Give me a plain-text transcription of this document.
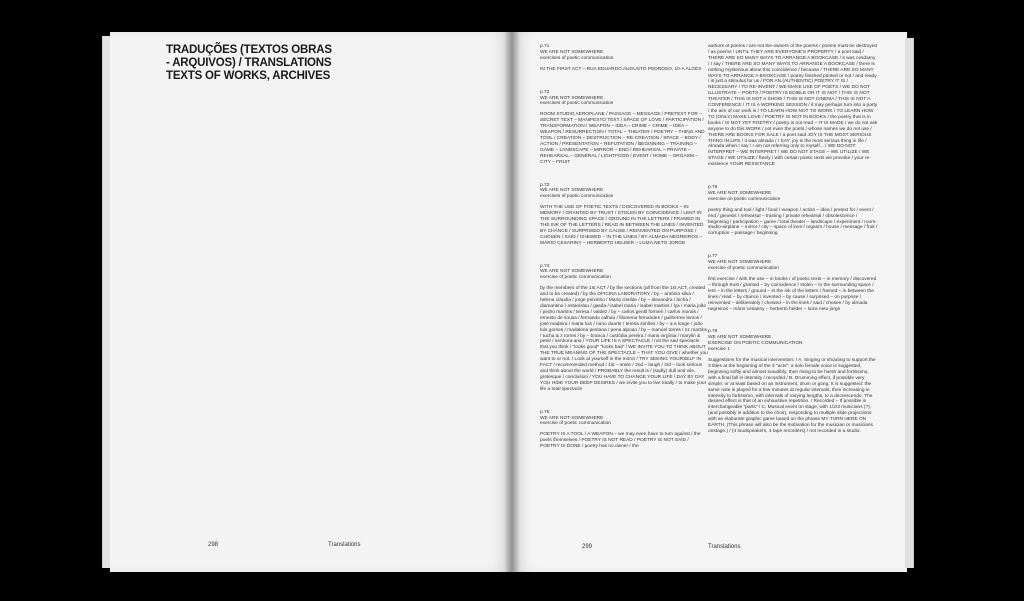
TRADUÇÕES (TEXTOS OBRAS
- ARQUIVOS) / TRANSLATIONS
TEXTS OF WORKS, ARCHIVES
298	Translations

p.71

WE ARE NOT SOMEWHERE

exercises of poetic communication

IN THE FIRST ACT – RUA EDUARDO AUGUSTO PEDROSO, 10-A ALGÉS

p.72

WE ARE NOT SOMEWHERE

exercises of poetic communication

ROOM STUDIO AEROPLANE / PASSAGE – MESSAGE / PRETEXT FOR – SECRET TEXT – MANIFESTO TEXT / SPACE OF LOVE / PARTICIPATION / TRANSFORMATION / WEAPON – IDEA – CRIME – CRIME – IDEA – WEAPON / RESURRECTION / TOTAL – THEATER / POETRY – THING AND TOOL / CREATION – DESTRUCTION – RE-CREATION / SPACE – BODY / ACTION / PRESENTATION – REFUTATION / BEGINNING – TRAINING – GAME – LANDSCAPE – MIRROR – END / REHEARSAL – PRIVATE – REHEARSAL – GENERAL / LIGHTFOOD / EVENT / HOME – ORGASM – CITY – FRUIT

p.73

WE ARE NOT SOMEWHERE

exercises of poetic communication

WITH THE USE OF POETIC TEXTS / DISCOVERED IN BOOKS – IN MEMORY / GRANTED BY TRUST / STOLEN BY COINCIDENCE / LENT IN THE SURROUNDING SPACE / GROUND IN THE LETTERS / FRAMED IN THE INK OF THE LETTERS / READ IN BETWEEN THE LINES / INVENTED BY CHANCE / SURPRISED BY CAUSE / REINVENTED ON PURPOSE / CHOSEN / SAID / CHEWED – IN THE LINES / BY ALMADA NEGREIROS – MÁRIO CESARINY – HERBERTO HELDER – LUIZA NETO JORGE

p.74

WE ARE NOT SOMEWHERE

exercise of poetic communication

by the members of the 1st ACT / by the sections (all from the 1st ACT, created and to be created) / by the OFICINA LABORATORY / by – antónio silva / helena cláudia / jorge peixinho / Maria clotilde / by – alexandra / bicha / diamantino / estanislau / gasda / isabel maria / isabel martins / lya / maria joão / pedro martins / teresa / valdez / by – carlos gentil formen / carlos morais / ernesto de sousa / fernando calhau / filomena fernandes / guilherme lemos / josé madeira / maria luis / nuno duarte / teresa simões / by – a a longe / joão luís gomes / madalena pestana / pena alpoao / by – manuel torres / nz martins / tucha & z torres / by – branca / custódia pereira / maria virgínia / marylin & peter / senhora ana / YOUR LIFE IS A SPECTACLE / not the sad spectacle that you think / "looks good" "looks bad" / WE INVITE YOU TO THINK ABOUT THE TRUE MEANING OF THE SPECTACLE – THAT YOU GIVE / whether you want to or not. / Look at yourself in the mirror / TRY SEEING YOURSELF IN FACT / recommended method / 1st – smile / 2nd – laugh / 3rd – look serious and think about the world / PROBABLY the result is / (sadly) dull and vile, grotesque / conclusion / YOU HAVE TO CHANGE YOUR LIFE / DAY BY DAY YOU HIDE YOUR DEEP DESIRES / we invite you to live totally / to make your life a total spectacle

p.75

WE ARE NOT SOMEWHERE

exercise of poetic communication

POETRY IS A TOOL / A WEAPON – we may even have to turn against / the poets themselves / POETRY IS NOT READ / POETRY IS NOT SAID / POETRY IS DONE / poetry has no owner / the

authors of poems / are not the owners of the poems / poems must be destroyed / as poems / UNTIL THEY ARE EVERYONE'S PROPERTY / a poet said / THERE ARE SO MANY WAYS TO ARRANGE A BOOKCASE / it was cesdarny / I say / THERE ARE SO MANY WAYS TO ARRANGE A BOOKCASE / there is nothing mysterious about this coincidence / because / THERE ARE SO MANY WAYS TO ARRANGE A BOOKCASE / poetry finished printed or not / and ready / is just a stimulus for us / FOR AN (AUTHENTIC) POETRY IT IS / NECESSARY / TO RE-INVENT / WE MAKE USE OF POETS / WE DO NOT ILLUSTRATE – POETS / POETRY IS EDIBLE OR IT IS NOT / THIS IS NOT THEATER / THIS IS NOT A SHOW / THIS IS NOT CINEMA / THIS IS NOT A CONFERENCE / IT IS A WORKING SESSION / it may perhaps turn into a party / the aim of our work is / TO LEARN HOW NOT TO WORK / TO LEARN HOW TO (ONLY) MAKE LOVE / POETRY IS NOT IN BOOKS / the poetry that is in books / IS NOT YET POETRY / poetry is not read – IT IS MADE / we do not ask anyone to do this WORK / not even the poets / whose names we do not use / THERE ARE BOOKS FOR SALE / a poet said JOY IS THE MOST SERIOUS THING IN LIFE / it was almada / I SAY: joy is the most serious thing in life / Almada when I say / I am not referring only to myself... / WE DO NOT INTERPRET – WE INTERPRET / WE DO NOT STAGE – WE UTILIZE / WE STAGE / WE UTILIZE / freely / with certain poetic texts we provoke / your re-existence YOUR RESISTANCE

p.76

WE ARE NOT SOMEWHERE

exercise on poetic communication

poetry thing and tool / light / food / weapon / action – idea / pretext for / event / end / genesis / rehearsal – training / private rehearsal / obsolescence / beginning / participation – game / total theater – landscape / experiment / room-studio-airplane – mirror / city – space of love / orgasm / house / message / fruit / corruption – passage / beginning

p.77

WE ARE NOT SOMEWHERE

exercise of poetic communication

first exercise / with the use – in books / of poetic texts – in memory / discovered – through trust / granted – by coincidence / stolen – in the surrounding space / lent – in the letters / ground – in the ink of the letters / framed – in between the lines / read – by chance / invented – by cause / surprised – on purpose / reinvented – deliberately / chewed – in the lines / said / chosen / by almada negreiros – mário cesariny – herberto helder – luiza neto jorge

p.78

WE ARE NOT SOMEWHERE

EXERCISE ON POETIC COMMUNICATION

exercise 1

Suggestions for the musical intervention: / A. Singing or shouting to support the 3 titles at the beginning of the 3 "acts": a solo female voice is suggested, beginning softly and almost inaudibly, then rising to be harsh and fortissimo, with a final fall in intensity / recorded / B. Drumming effect, if possible very simple; or at least based on an instrument, drum or gong. It is suggested: the same note is played for a few minutes at regular intervals, then increasing in intensity to fortissimo, with intervals of varying lengths, to a decrescendo. The desired effect is that of an exhaustive repetition. / Recorded – If possible in interchangeable "parts" / C. Musical event on stage, with 1/2/3 musicians (?), (and possibly in addition to the choir), responding to multiple slide projections with an elaborate graphic game based on the phrase MY TURN HERE ON EARTH. (This phrase will also be the motivation for the musician or musicians onstage.) / (4 loudspeakers, 4 tape recorders) / not recorded in a studio.

299	Translations
